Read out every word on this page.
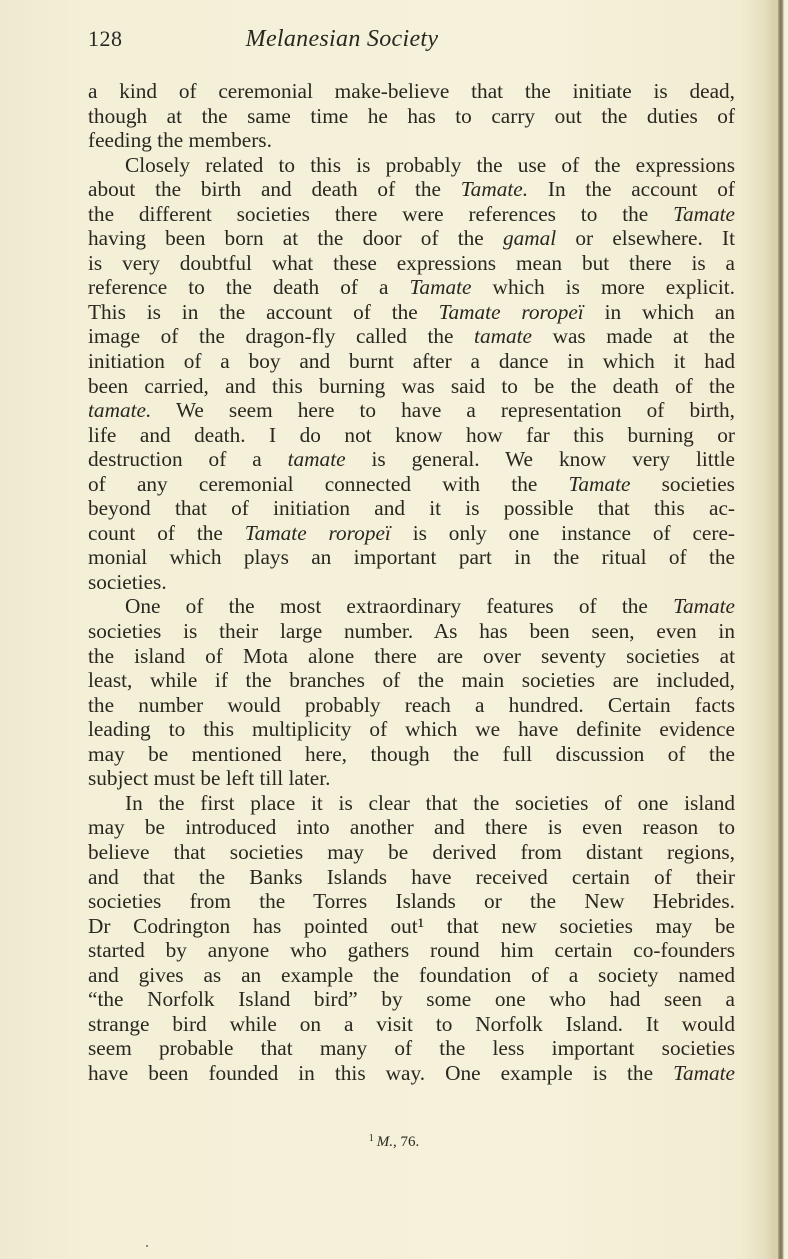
128	Melanesian Society
a kind of ceremonial make-believe that the initiate is dead,
though at the same time he has to carry out the duties of
feeding the members.
Closely related to this is probably the use of the expressions
about the birth and death of the Tamate. In the account of
the different societies there were references to the Tamate
having been born at the door of the gamal or elsewhere. It
is very doubtful what these expressions mean but there is a
reference to the death of a Tamate which is more explicit.
This is in the account of the Tamate roropeï in which an
image of the dragon-fly called the tamate was made at the
initiation of a boy and burnt after a dance in which it had
been carried, and this burning was said to be the death of the
tamate. We seem here to have a representation of birth,
life and death. I do not know how far this burning or
destruction of a tamate is general. We know very little
of any ceremonial connected with the Tamate societies
beyond that of initiation and it is possible that this ac-
count of the Tamate roropeï is only one instance of cere-
monial which plays an important part in the ritual of the
societies.
One of the most extraordinary features of the Tamate
societies is their large number. As has been seen, even in
the island of Mota alone there are over seventy societies at
least, while if the branches of the main societies are included,
the number would probably reach a hundred. Certain facts
leading to this multiplicity of which we have definite evidence
may be mentioned here, though the full discussion of the
subject must be left till later.
In the first place it is clear that the societies of one island
may be introduced into another and there is even reason to
believe that societies may be derived from distant regions,
and that the Banks Islands have received certain of their
societies from the Torres Islands or the New Hebrides.
Dr Codrington has pointed out¹ that new societies may be
started by anyone who gathers round him certain co-founders
and gives as an example the foundation of a society named
“the Norfolk Island bird” by some one who had seen a
strange bird while on a visit to Norfolk Island. It would
seem probable that many of the less important societies
have been founded in this way. One example is the Tamate
$^1$ M., 76.
